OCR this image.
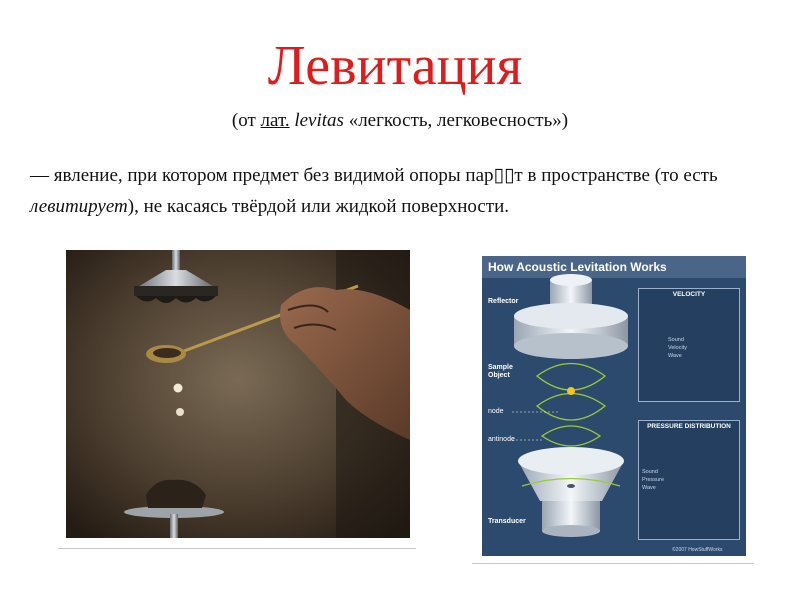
Левитация
(от лат. levitas «легкость, легковесность»)
— явление, при котором предмет без видимой опоры пар▯▯т в пространстве (то есть левитирует), не касаясь твёрдой или жидкой поверхности.
How Acoustic Levitation Works
Reflector
Sample
Object
node
antinode
Transducer
VELOCITY
Sound
Velocity
Wave
PRESSURE DISTRIBUTION
Sound
Pressure
Wave
©2007 HowStuffWorks
